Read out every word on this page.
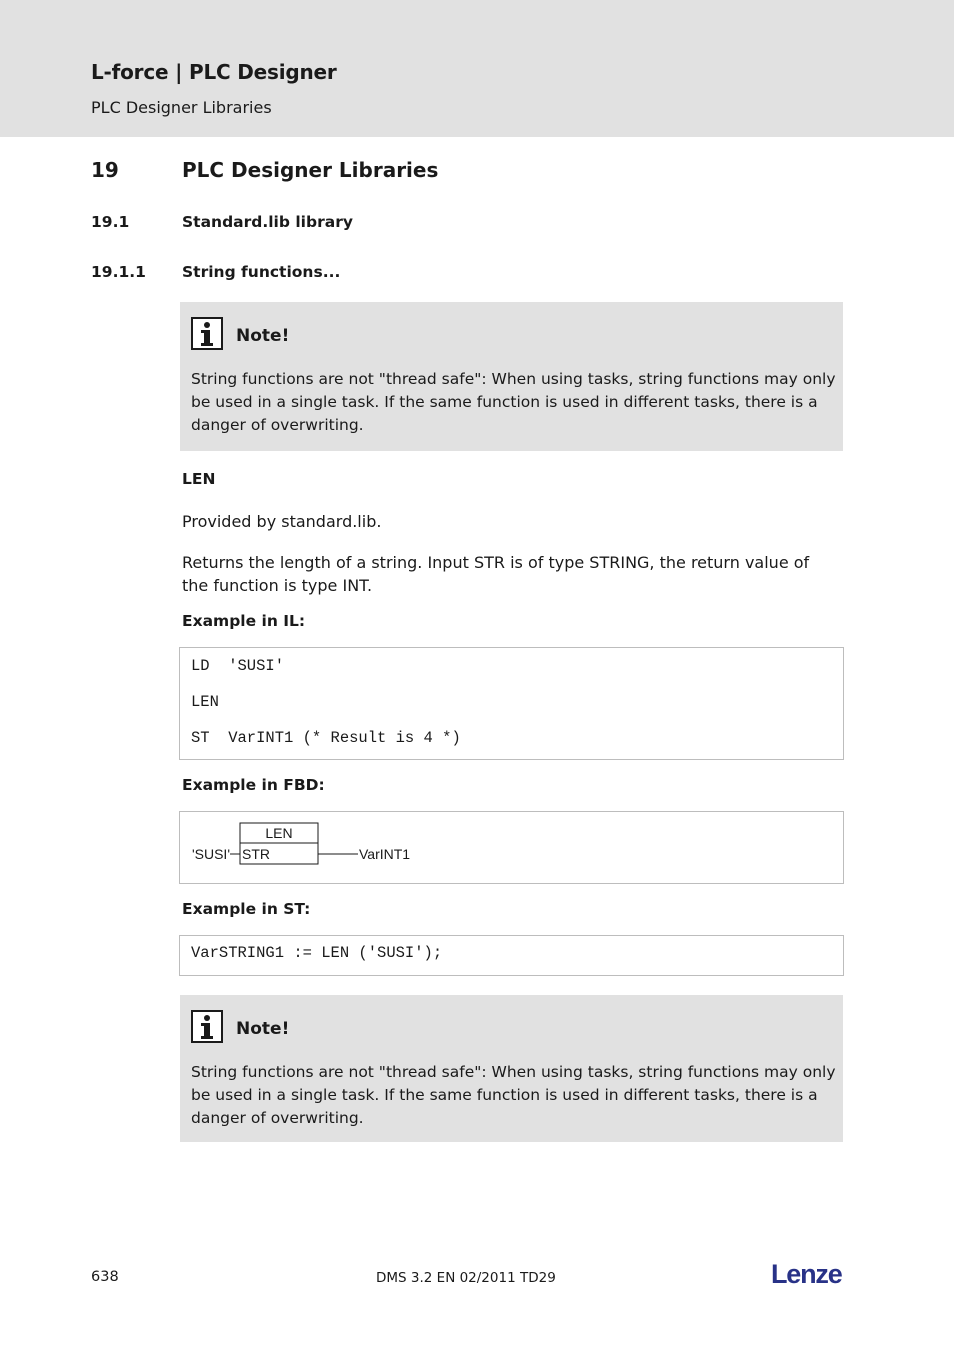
L-force | PLC Designer
PLC Designer Libraries
19	PLC Designer Libraries
19.1	Standard.lib library
19.1.1 String functions...
Note!
String functions are not "thread safe": When using tasks, string functions may only be used in a single task. If the same function is used in different tasks, there is a danger of overwriting.
LEN
Provided by standard.lib.
Returns the length of a string. Input STR is of type STRING, the return value of the function is type INT.
Example in IL:
LD  'SUSI'
LEN
ST  VarINT1 (* Result is 4 *)
Example in FBD:
LEN
STR
'SUSI'	VarINT1
Example in ST:
VarSTRING1 := LEN ('SUSI');
Note!
String functions are not "thread safe": When using tasks, string functions may only be used in a single task. If the same function is used in different tasks, there is a danger of overwriting.
638	DMS 3.2 EN 02/2011 TD29	Lenze
